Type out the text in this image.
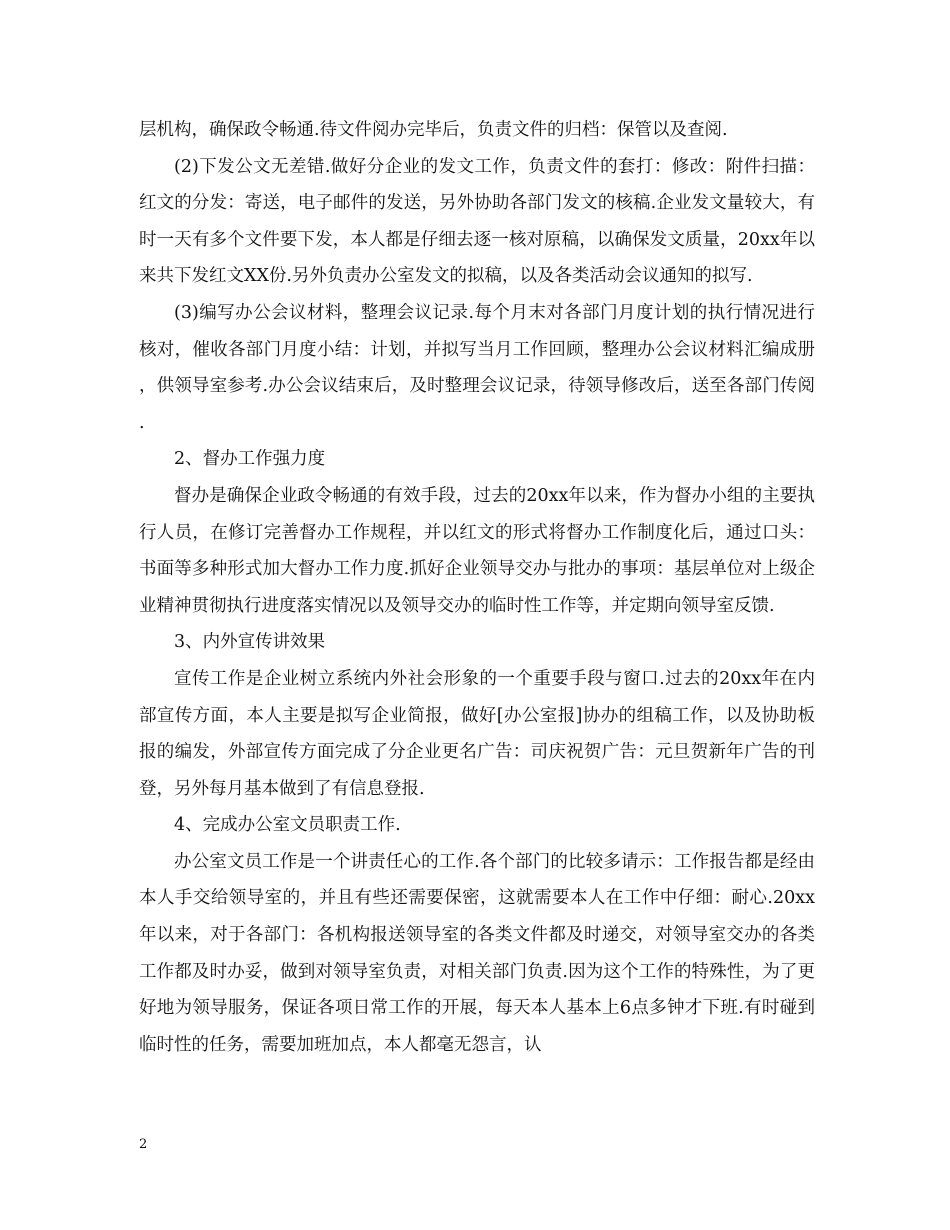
层机构，确保政令畅通.待文件阅办完毕后，负责文件的归档：保管以及查阅.

(2)下发公文无差错.做好分企业的发文工作，负责文件的套打：修改：附件扫描：红文的分发：寄送，电子邮件的发送，另外协助各部门发文的核稿.企业发文量较大，有时一天有多个文件要下发，本人都是仔细去逐一核对原稿，以确保发文质量，20xx年以来共下发红文XX份.另外负责办公室发文的拟稿，以及各类活动会议通知的拟写.

(3)编写办公会议材料，整理会议记录.每个月末对各部门月度计划的执行情况进行核对，催收各部门月度小结：计划，并拟写当月工作回顾，整理办公会议材料汇编成册，供领导室参考.办公会议结束后，及时整理会议记录，待领导修改后，送至各部门传阅.

2、督办工作强力度

督办是确保企业政令畅通的有效手段，过去的20xx年以来，作为督办小组的主要执行人员，在修订完善督办工作规程，并以红文的形式将督办工作制度化后，通过口头：书面等多种形式加大督办工作力度.抓好企业领导交办与批办的事项：基层单位对上级企业精神贯彻执行进度落实情况以及领导交办的临时性工作等，并定期向领导室反馈.

3、内外宣传讲效果

宣传工作是企业树立系统内外社会形象的一个重要手段与窗口.过去的20xx年在内部宣传方面，本人主要是拟写企业简报，做好[办公室报]协办的组稿工作，以及协助板报的编发，外部宣传方面完成了分企业更名广告：司庆祝贺广告：元旦贺新年广告的刊登，另外每月基本做到了有信息登报.

4、完成办公室文员职责工作.

办公室文员工作是一个讲责任心的工作.各个部门的比较多请示：工作报告都是经由本人手交给领导室的，并且有些还需要保密，这就需要本人在工作中仔细：耐心.20xx年以来，对于各部门：各机构报送领导室的各类文件都及时递交，对领导室交办的各类工作都及时办妥，做到对领导室负责，对相关部门负责.因为这个工作的特殊性，为了更好地为领导服务，保证各项日常工作的开展，每天本人基本上6点多钟才下班.有时碰到临时性的任务，需要加班加点，本人都毫无怨言，认

2
